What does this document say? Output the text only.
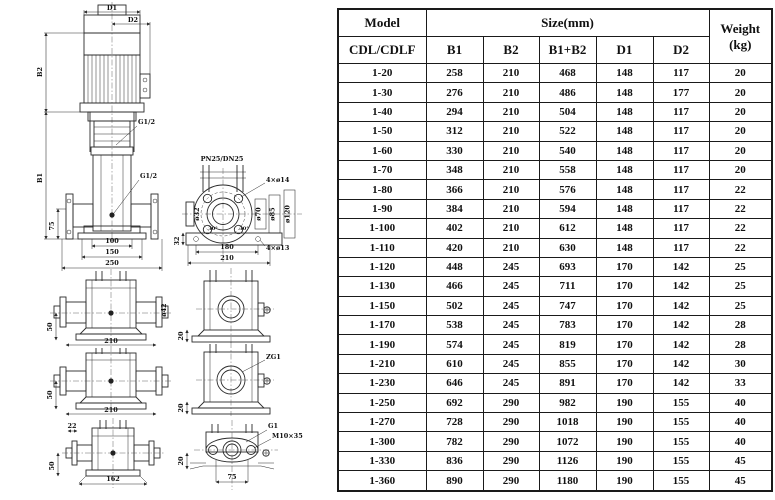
D1
D2
B2
B1
75
100
150
250
G1/2
G1/2
PN25/DN25
ø32
30°	30°
4×ø14
4×ø13
ø70 ø85 ø120
32
180
210
ø42
50
210
50
210
22
50
162
20
ZG1
20
G1
M10×35
75
20
Model	Size(mm)					Weight
(kg)
CDL/CDLF	B1	B2	B1+B2	D1	D2	
1-20	258	210	468	148	117	20
1-30	276	210	486	148	177	20
1-40	294	210	504	148	117	20
1-50	312	210	522	148	117	20
1-60	330	210	540	148	117	20
1-70	348	210	558	148	117	20
1-80	366	210	576	148	117	22
1-90	384	210	594	148	117	22
1-100	402	210	612	148	117	22
1-110	420	210	630	148	117	22
1-120	448	245	693	170	142	25
1-130	466	245	711	170	142	25
1-150	502	245	747	170	142	25
1-170	538	245	783	170	142	28
1-190	574	245	819	170	142	28
1-210	610	245	855	170	142	30
1-230	646	245	891	170	142	33
1-250	692	290	982	190	155	40
1-270	728	290	1018	190	155	40
1-300	782	290	1072	190	155	40
1-330	836	290	1126	190	155	45
1-360	890	290	1180	190	155	45
